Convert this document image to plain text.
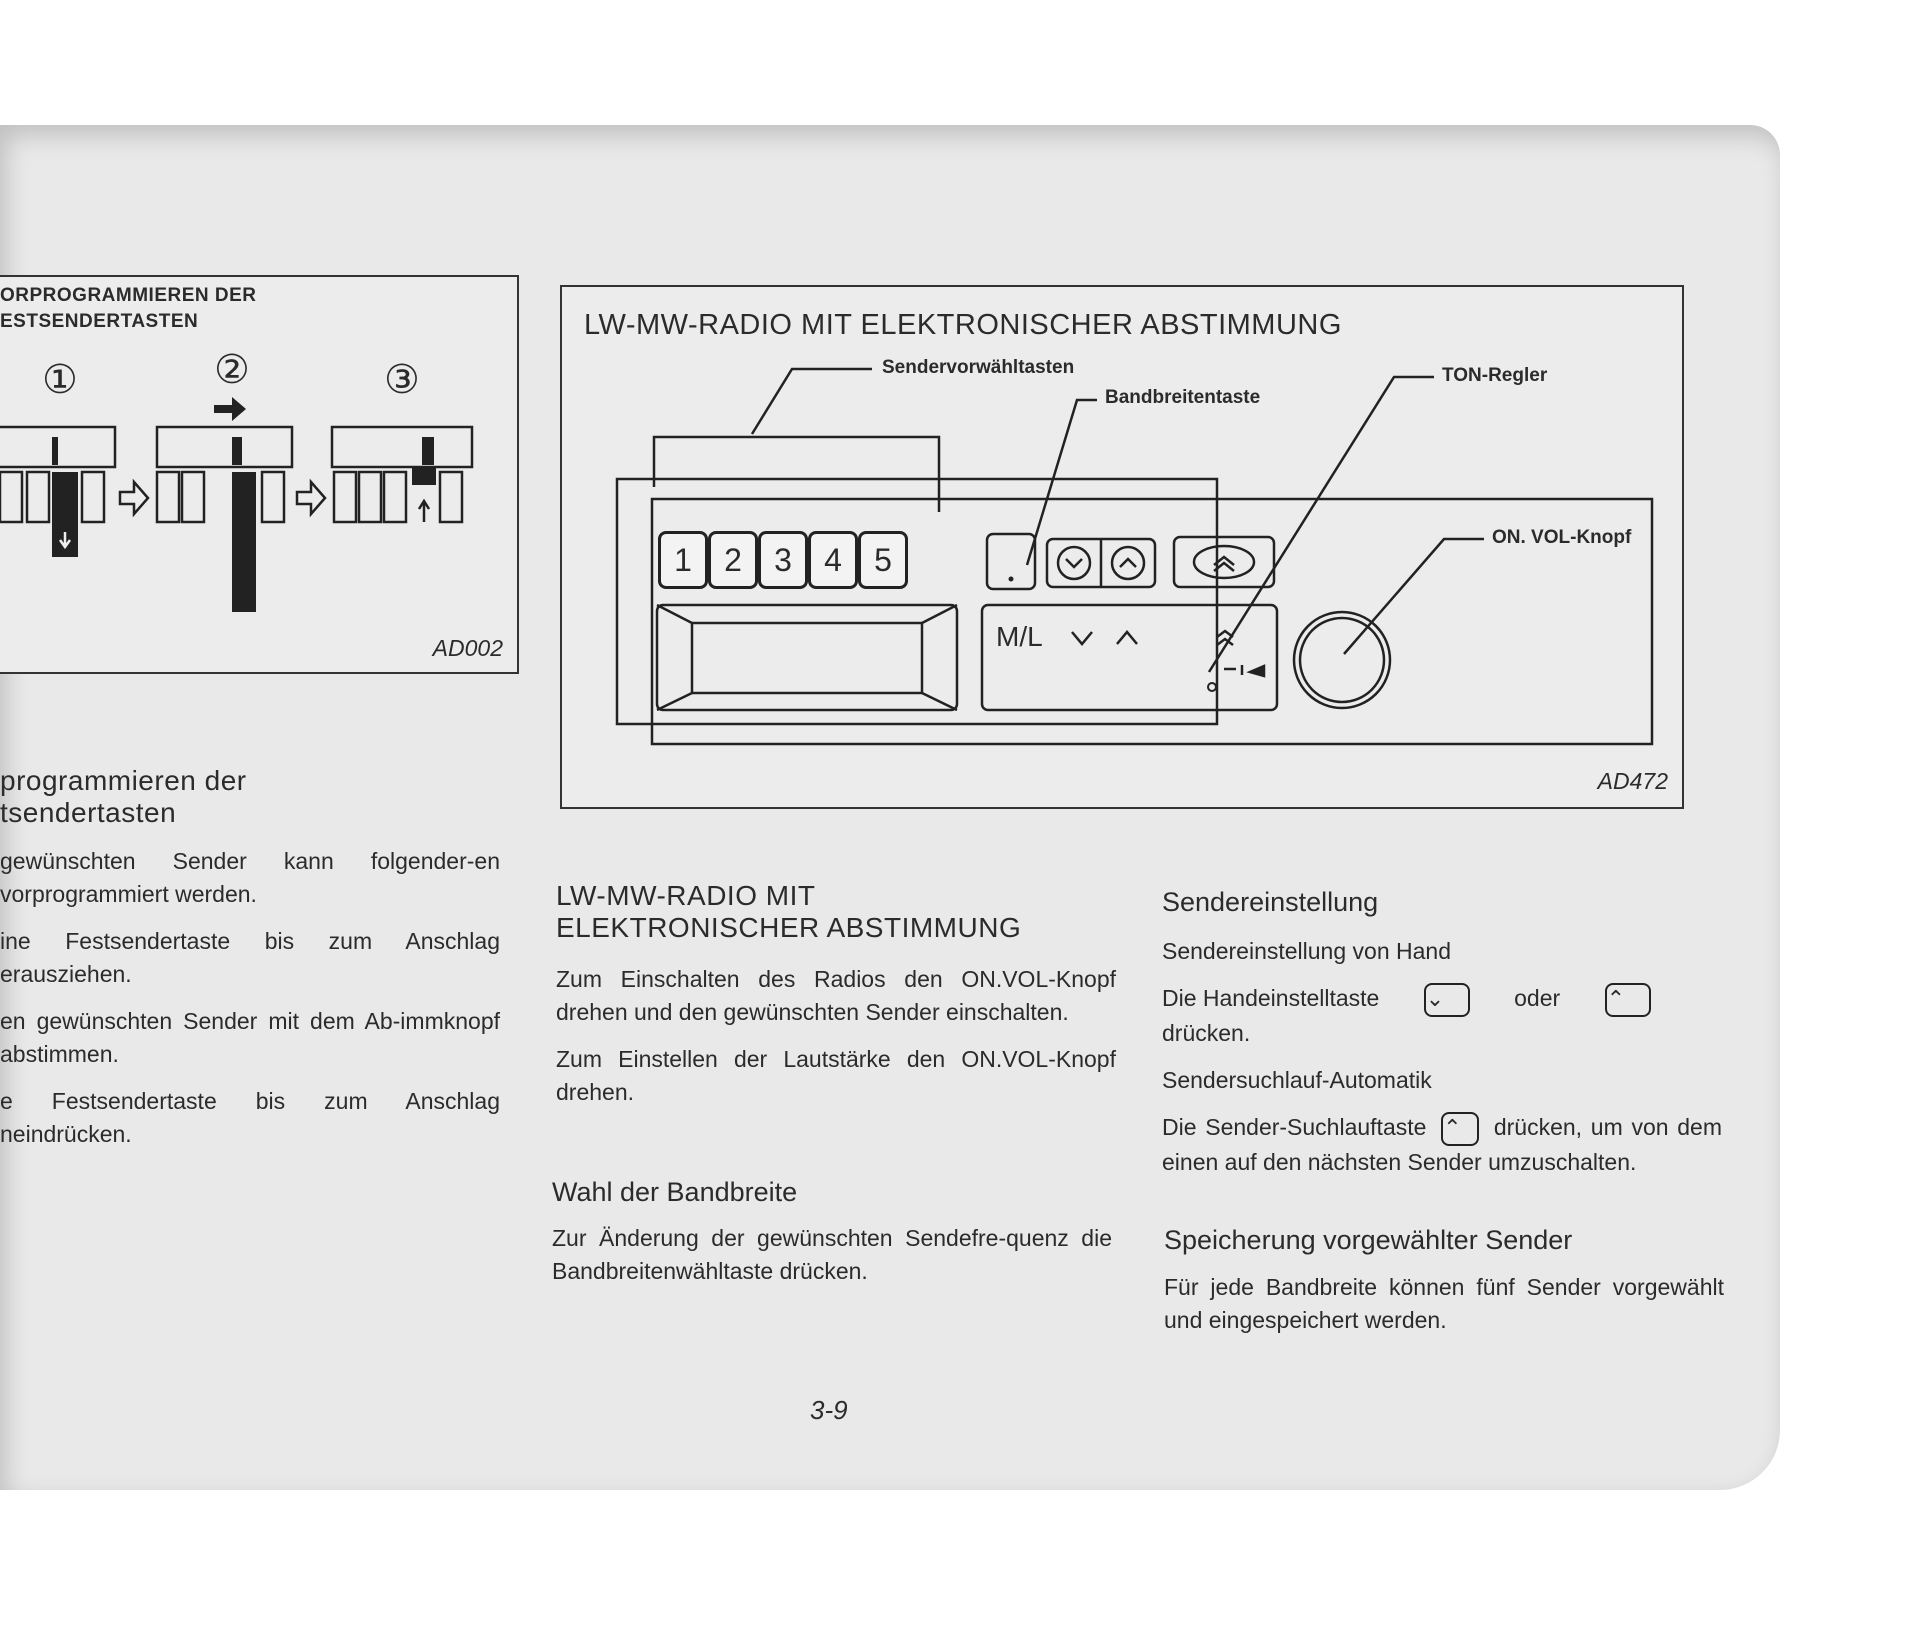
ORPROGRAMMIEREN DER
ESTSENDERTASTEN
①	②	③
AD002
LW-MW-RADIO MIT ELEKTRONISCHER ABSTIMMUNG
Sendervorwähltasten
Bandbreitentaste
TON-Regler
ON. VOL-Knopf
1	2	3	4	5
M/L
AD472
programmieren der
tsendertasten

gewünschten Sender kann folgender-en vorprogrammiert werden.

ine Festsendertaste bis zum Anschlag erausziehen.

en gewünschten Sender mit dem Ab-immknopf abstimmen.

e Festsendertaste bis zum Anschlag neindrücken.

LW-MW-RADIO MIT
ELEKTRONISCHER ABSTIMMUNG

Zum Einschalten des Radios den ON.VOL-Knopf drehen und den gewünschten Sender einschalten.

Zum Einstellen der Lautstärke den ON.VOL-Knopf drehen.

Wahl der Bandbreite

Zur Änderung der gewünschten Sendefre-quenz die Bandbreitenwähltaste drücken.

Sendereinstellung

Sendereinstellung von Hand

Die Handeinstelltaste ⌄	oder ⌃
drücken.

Sendersuchlauf-Automatik

Die Sender-Suchlauftaste ⌃ drücken, um von dem einen auf den nächsten Sender umzuschalten.

Speicherung vorgewählter Sender

Für jede Bandbreite können fünf Sender vorgewählt und eingespeichert werden.

3-9
